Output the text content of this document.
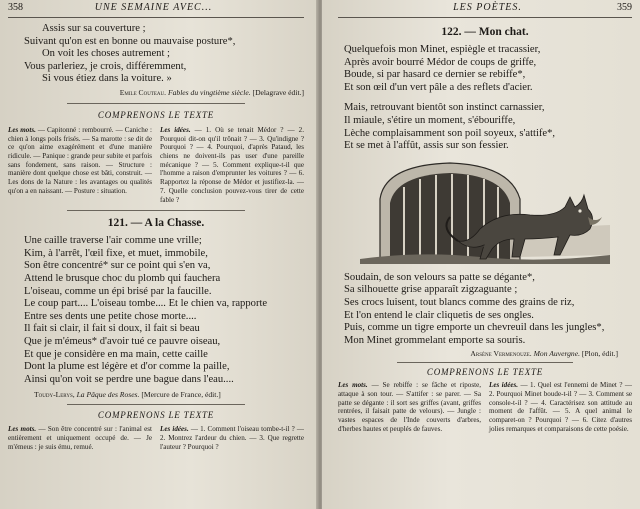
358	UNE SEMAINE AVEC...
Assis sur sa couverture ;
Suivant qu'on est en bonne ou mauvaise posture*,
On voit les choses autrement ;
Vous parleriez, je crois, différemment,
Si vous étiez dans la voiture. »
Emile Couteau. Fables du vingtième siècle. [Delagrave édit.]
COMPRENONS LE TEXTE
Les mots. — Capitonné : rembourré. — Caniche : chien à longs poils frisés. — Sa marotte : se dit de ce qu'on aime exagérément et d'une manière ridicule. — Panique : grande peur subite et parfois sans fondement, sans raison. — Structure : manière dont quelque chose est bâti, construit. — Les dons de la Nature : les avantages ou qualités qu'on a en naissant. — Posture : situation.
Les idées. — 1. Où se tenait Médor ? — 2. Pourquoi dit-on qu'il trônait ? — 3. Qu'indigne ? Pourquoi ? — 4. Pourquoi, d'après Pataud, les chiens ne doivent-ils pas user d'une pareille mécanique ? — 5. Comment explique-t-il que l'homme a raison d'emprunter les voitures ? — 6. Rapportez la réponse de Médor et justifiez-la. — 7. Quelle conclusion pouvez-vous tirer de cette fable ?
121. — A la Chasse.
Une caille traverse l'air comme une vrille;
Kim, à l'arrêt, l'œil fixe, et muet, immobile,
Son être concentré* sur ce point qui s'en va,
Attend le brusque choc du plomb qui fauchera
L'oiseau, comme un épi brisé par la faucille.
Le coup part.... L'oiseau tombe.... Et le chien va, rapporte
Entre ses dents une petite chose morte....
Il fait si clair, il fait si doux, il fait si beau
Que je m'émeus* d'avoir tué ce pauvre oiseau,
Et que je considère en ma main, cette caille
Dont la plume est légère et d'or comme la paille,
Ainsi qu'on voit se perdre une bague dans l'eau....
Toudy-Lerys, La Pâque des Roses. [Mercure de France, édit.]
COMPRENONS LE TEXTE
Les mots. — Son être concentré sur : l'animal est entièrement et uniquement occupé de. — Je m'émeus : je suis ému, remué.
Les idées. — 1. Comment l'oiseau tombe-t-il ? — 2. Montrez l'ardeur du chien. — 3. Que regrette l'auteur ? Pourquoi ?
LES POÈTES.	359
122. — Mon chat.
Quelquefois mon Minet, espiègle et tracassier,
Après avoir bourré Médor de coups de griffe,
Boude, si par hasard ce dernier se rebiffe*,
Et son œil d'un vert pâle a des reflets d'acier.
Mais, retrouvant bientôt son instinct carnassier,
Il miaule, s'étire un moment, s'ébouriffe,
Lèche complaisamment son poil soyeux, s'attife*,
Et se met à l'affût, assis sur son fessier.
Soudain, de son velours sa patte se dégante*,
Sa silhouette grise apparaît zigzaguante ;
Ses crocs luisent, tout blancs comme des grains de riz,
Et l'on entend le clair cliquetis de ses ongles.
Puis, comme un tigre emporte un chevreuil dans les jungles*,
Mon Minet grommelant emporte sa souris.
Arsène Vermenouze. Mon Auvergne. [Plon, édit.]
COMPRENONS LE TEXTE
Les mots. — Se rebiffe : se fâche et riposte, attaque à son tour. — S'attifer : se parer. — Sa patte se dégante : il sort ses griffes (avant, griffes rentrées, il faisait patte de velours). — Jungle : vastes espaces de l'Inde couverts d'arbres, d'herbes hautes et peuplés de fauves.
Les idées. — 1. Quel est l'ennemi de Minet ? — 2. Pourquoi Minet boude-t-il ? — 3. Comment se console-t-il ? — 4. Caractérisez son attitude au moment de l'affût. — 5. A quel animal le comparet-on ? Pourquoi ? — 6. Citez d'autres jolies remarques et comparaisons de cette poésie.
